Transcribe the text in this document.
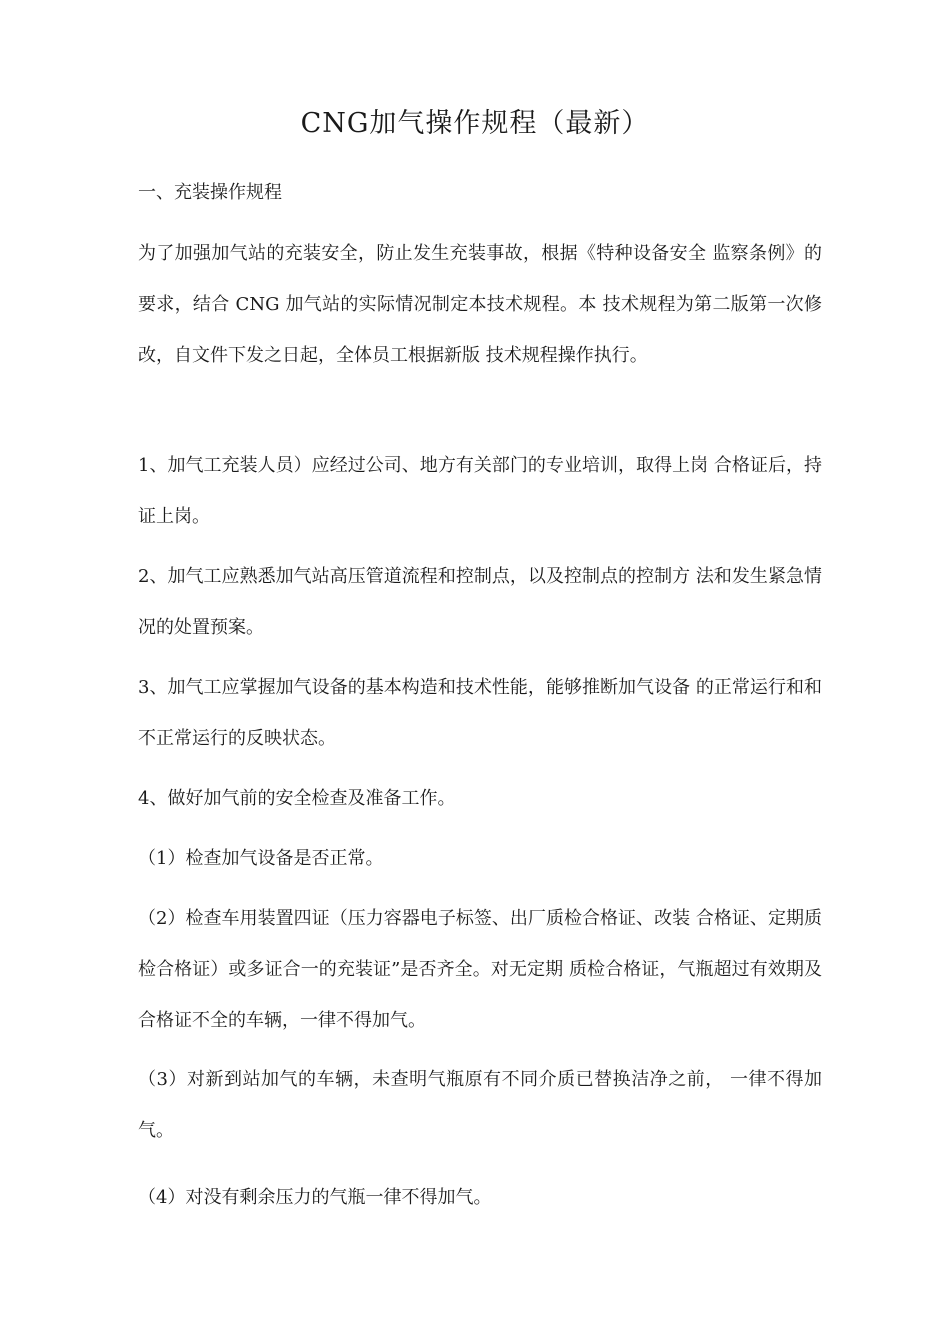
CNG加气操作规程（最新）

一、充装操作规程

为了加强加气站的充装安全，防止发生充装事故，根据《特种设备安全 监察条例》的要求，结合 CNG 加气站的实际情况制定本技术规程。本 技术规程为第二版第一次修改，自文件下发之日起，全体员工根据新版 技术规程操作执行。

1、加气工充装人员）应经过公司、地方有关部门的专业培训，取得上岗 合格证后，持证上岗。

2、加气工应熟悉加气站高压管道流程和控制点，以及控制点的控制方 法和发生紧急情况的处置预案。

3、加气工应掌握加气设备的基本构造和技术性能，能够推断加气设备 的正常运行和和不正常运行的反映状态。

4、做好加气前的安全检查及准备工作。

（1）检查加气设备是否正常。

（2）检查车用装置四证（压力容器电子标签、出厂质检合格证、改装 合格证、定期质检合格证）或多证合一的充装证”是否齐全。对无定期 质检合格证，气瓶超过有效期及合格证不全的车辆，一律不得加气。

（3）对新到站加气的车辆，未查明气瓶原有不同介质已替换洁净之前， 一律不得加气。

（4）对没有剩余压力的气瓶一律不得加气。
